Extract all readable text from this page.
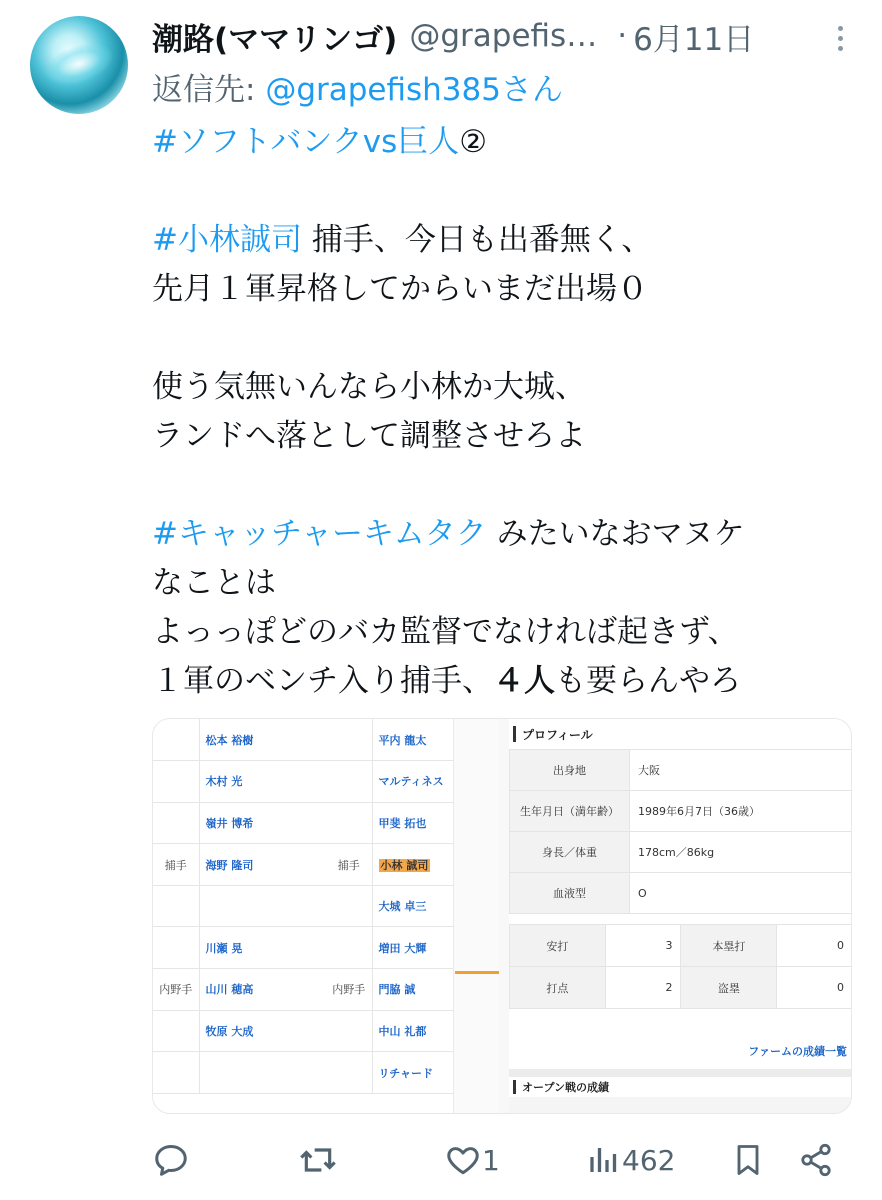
潮路(ママリンゴ) @grapefis… · 6月11日
返信先: @grapefish385さん
#ソフトバンクvs巨人②

#小林誠司 捕手、今日も出番無く、
先月１軍昇格してからいまだ出場０

使う気無いんなら小林か大城、
ランドへ落として調整させろよ

#キャッチャーキムタク みたいなおマヌケ
なことは
よっっぽどのバカ監督でなければ起きず、
１軍のベンチ入り捕手、４人も要らんやろ
	松本 裕樹		平内 龍太
	木村 光		マルティネス
	嶺井 博希		甲斐 拓也
捕手	海野 隆司	捕手	小林 誠司
			大城 卓三
	川瀬 晃		増田 大輝
内野手	山川 穂高	内野手	門脇 誠
	牧原 大成		中山 礼都
			リチャード
プロフィール
出身地	大阪
生年月日（満年齢）	1989年6月7日（36歳）
身長／体重	178cm／86kg
血液型	O
安打	3	本塁打	0
打点	2	盗塁	0
ファームの成績一覧
オープン戦の成績
1	462
